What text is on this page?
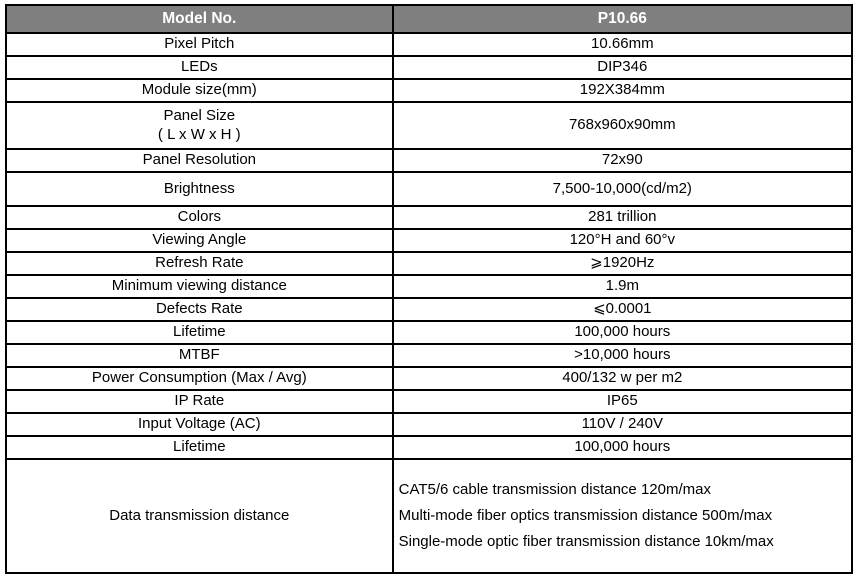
Model No.	P10.66
Pixel Pitch	10.66mm
LEDs	DIP346
Module size(mm)	192X384mm

Panel Size
( L x W x H )	768x960x90mm
Panel Resolution	72x90
Brightness	7,500-10,000(cd/m2)
Colors	281 trillion
Viewing Angle	120°H and 60°v
Refresh Rate	⩾1920Hz
Minimum viewing distance	1.9m
Defects Rate	⩽0.0001
Lifetime	100,000 hours
MTBF	>10,000 hours
Power Consumption (Max / Avg)	400/132 w per m2
IP Rate	IP65
Input Voltage (AC)	110V / 240V
Lifetime	100,000 hours
Data transmission distance	CAT5/6 cable transmission distance 120m/max
Multi-mode fiber optics transmission distance 500m/max
Single-mode optic fiber transmission distance 10km/max
